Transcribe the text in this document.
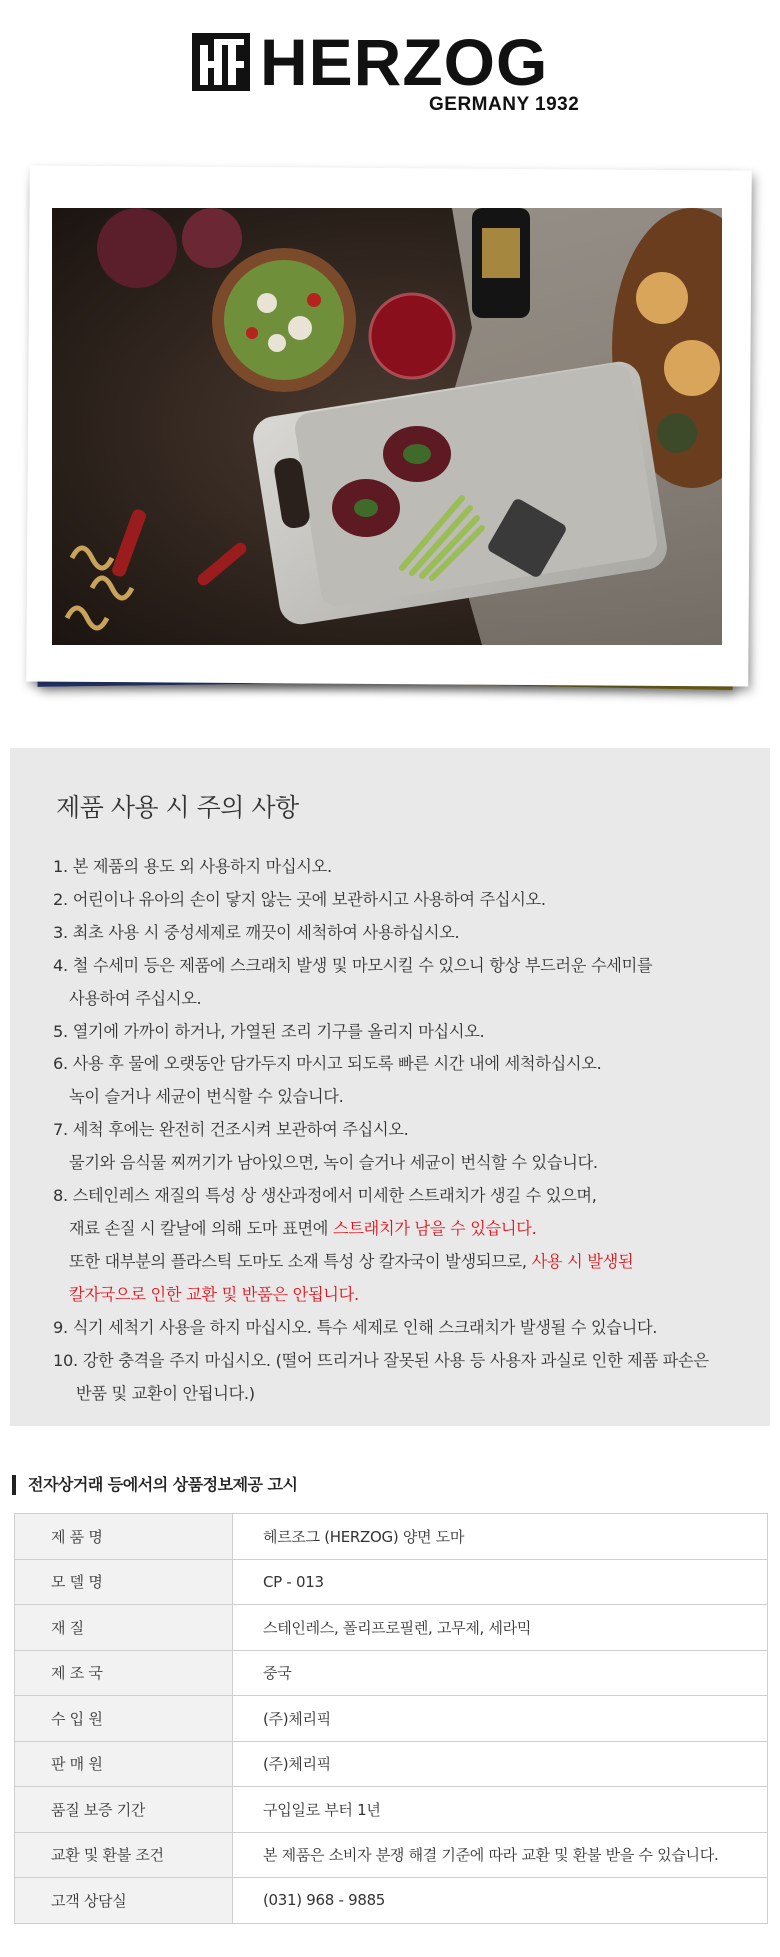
HERZOG
GERMANY 1932
제품 사용 시 주의 사항
1. 본 제품의 용도 외 사용하지 마십시오.
2. 어린이나 유아의 손이 닿지 않는 곳에 보관하시고 사용하여 주십시오.
3. 최초 사용 시 중성세제로 깨끗이 세척하여 사용하십시오.
4. 철 수세미 등은 제품에 스크래치 발생 및 마모시킬 수 있으니 항상 부드러운 수세미를
사용하여 주십시오.
5. 열기에 가까이 하거나, 가열된 조리 기구를 올리지 마십시오.
6. 사용 후 물에 오랫동안 담가두지 마시고 되도록 빠른 시간 내에 세척하십시오.
녹이 슬거나 세균이 번식할 수 있습니다.
7. 세척 후에는 완전히 건조시켜 보관하여 주십시오.
물기와 음식물 찌꺼기가 남아있으면, 녹이 슬거나 세균이 번식할 수 있습니다.
8. 스테인레스 재질의 특성 상 생산과정에서 미세한 스트래치가 생길 수 있으며,
재료 손질 시 칼날에 의해 도마 표면에 스트래치가 남을 수 있습니다.
또한 대부분의 플라스틱 도마도 소재 특성 상 칼자국이 발생되므로, 사용 시 발생된
칼자국으로 인한 교환 및 반품은 안됩니다.
9. 식기 세척기 사용을 하지 마십시오. 특수 세제로 인해 스크래치가 발생될 수 있습니다.
10. 강한 충격을 주지 마십시오. (떨어 뜨리거나 잘못된 사용 등 사용자 과실로 인한 제품 파손은
반품 및 교환이 안됩니다.)
전자상거래 등에서의 상품정보제공 고시
제 품 명	헤르조그 (HERZOG) 양면 도마
모 델 명	CP - 013
재 질	스테인레스, 폴리프로필렌, 고무제, 세라믹
제 조 국	중국
수 입 원	(주)체리픽
판 매 원	(주)체리픽
품질 보증 기간	구입일로 부터 1년
교환 및 환불 조건	본 제품은 소비자 분쟁 해결 기준에 따라 교환 및 환불 받을 수 있습니다.
고객 상담실	(031) 968 - 9885
